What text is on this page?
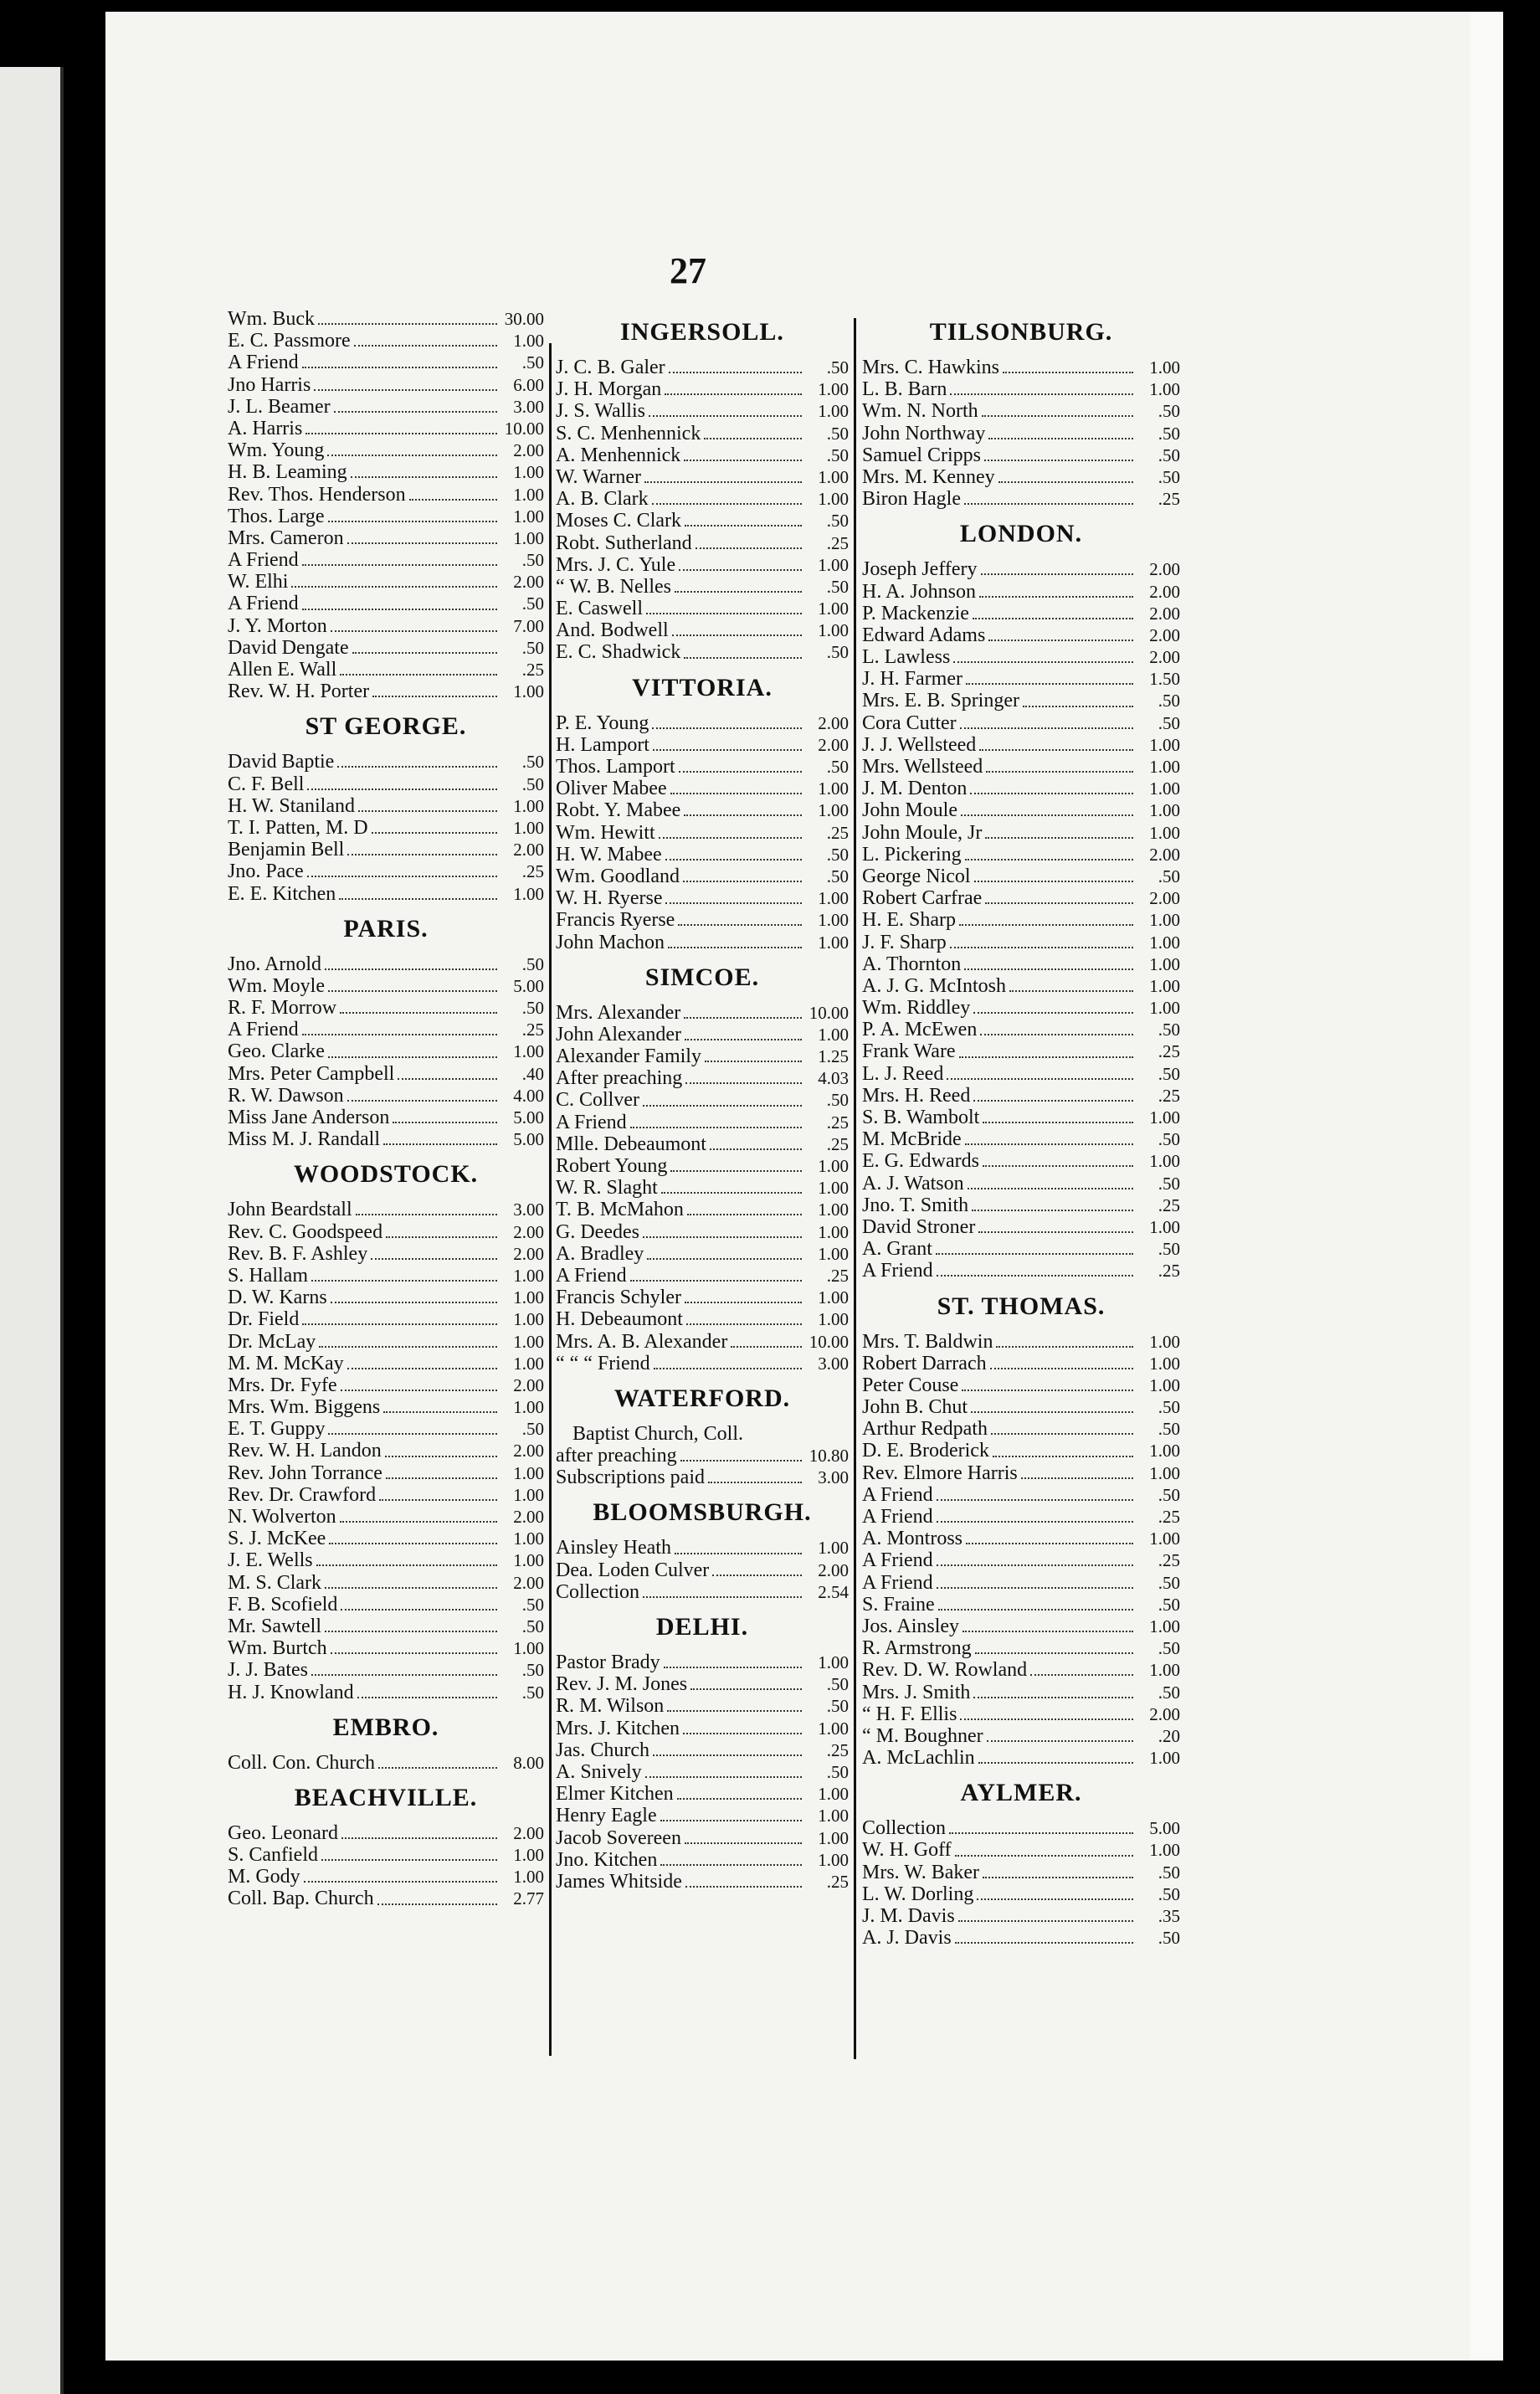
27
Wm. Buck	30.00
E. C. Passmore	1.00
A Friend	.50
Jno Harris	6.00
J. L. Beamer	3.00
A. Harris	10.00
Wm. Young	2.00
H. B. Leaming	1.00
Rev. Thos. Henderson	1.00
Thos. Large	1.00
Mrs. Cameron	1.00
A Friend	.50
W. Elhi	2.00
A Friend	.50
J. Y. Morton	7.00
David Dengate	.50
Allen E. Wall	.25
Rev. W. H. Porter	1.00
ST GEORGE.
David Baptie	.50
C. F. Bell	.50
H. W. Staniland	1.00
T. I. Patten, M. D	1.00
Benjamin Bell	2.00
Jno. Pace	.25
E. E. Kitchen	1.00
PARIS.
Jno. Arnold	.50
Wm. Moyle	5.00
R. F. Morrow	.50
A Friend	.25
Geo. Clarke	1.00
Mrs. Peter Campbell	.40
R. W. Dawson	4.00
Miss Jane Anderson	5.00
Miss M. J. Randall	5.00
WOODSTOCK.
John Beardstall	3.00
Rev. C. Goodspeed	2.00
Rev. B. F. Ashley	2.00
S. Hallam	1.00
D. W. Karns	1.00
Dr. Field	1.00
Dr. McLay	1.00
M. M. McKay	1.00
Mrs. Dr. Fyfe	2.00
Mrs. Wm. Biggens	1.00
E. T. Guppy	.50
Rev. W. H. Landon	2.00
Rev. John Torrance	1.00
Rev. Dr. Crawford	1.00
N. Wolverton	2.00
S. J. McKee	1.00
J. E. Wells	1.00
M. S. Clark	2.00
F. B. Scofield	.50
Mr. Sawtell	.50
Wm. Burtch	1.00
J. J. Bates	.50
H. J. Knowland	.50
EMBRO.
Coll. Con. Church	8.00
BEACHVILLE.
Geo. Leonard	2.00
S. Canfield	1.00
M. Gody	1.00
Coll. Bap. Church	2.77
INGERSOLL.
J. C. B. Galer	.50
J. H. Morgan	1.00
J. S. Wallis	1.00
S. C. Menhennick	.50
A. Menhennick	.50
W. Warner	1.00
A. B. Clark	1.00
Moses C. Clark	.50
Robt. Sutherland	.25
Mrs. J. C. Yule	1.00
“ W. B. Nelles	.50
E. Caswell	1.00
And. Bodwell	1.00
E. C. Shadwick	.50
VITTORIA.
P. E. Young	2.00
H. Lamport	2.00
Thos. Lamport	.50
Oliver Mabee	1.00
Robt. Y. Mabee	1.00
Wm. Hewitt	.25
H. W. Mabee	.50
Wm. Goodland	.50
W. H. Ryerse	1.00
Francis Ryerse	1.00
John Machon	1.00
SIMCOE.
Mrs. Alexander	10.00
John Alexander	1.00
Alexander Family	1.25
After preaching	4.03
C. Collver	.50
A Friend	.25
Mlle. Debeaumont	.25
Robert Young	1.00
W. R. Slaght	1.00
T. B. McMahon	1.00
G. Deedes	1.00
A. Bradley	1.00
A Friend	.25
Francis Schyler	1.00
H. Debeaumont	1.00
Mrs. A. B. Alexander	10.00
“ “ “ Friend	3.00
WATERFORD.
Baptist Church, Coll.
after preaching	10.80
Subscriptions paid	3.00
BLOOMSBURGH.
Ainsley Heath	1.00
Dea. Loden Culver	2.00
Collection	2.54
DELHI.
Pastor Brady	1.00
Rev. J. M. Jones	.50
R. M. Wilson	.50
Mrs. J. Kitchen	1.00
Jas. Church	.25
A. Snively	.50
Elmer Kitchen	1.00
Henry Eagle	1.00
Jacob Sovereen	1.00
Jno. Kitchen	1.00
James Whitside	.25
TILSONBURG.
Mrs. C. Hawkins	1.00
L. B. Barn	1.00
Wm. N. North	.50
John Northway	.50
Samuel Cripps	.50
Mrs. M. Kenney	.50
Biron Hagle	.25
LONDON.
Joseph Jeffery	2.00
H. A. Johnson	2.00
P. Mackenzie	2.00
Edward Adams	2.00
L. Lawless	2.00
J. H. Farmer	1.50
Mrs. E. B. Springer	.50
Cora Cutter	.50
J. J. Wellsteed	1.00
Mrs. Wellsteed	1.00
J. M. Denton	1.00
John Moule	1.00
John Moule, Jr	1.00
L. Pickering	2.00
George Nicol	.50
Robert Carfrae	2.00
H. E. Sharp	1.00
J. F. Sharp	1.00
A. Thornton	1.00
A. J. G. McIntosh	1.00
Wm. Riddley	1.00
P. A. McEwen	.50
Frank Ware	.25
L. J. Reed	.50
Mrs. H. Reed	.25
S. B. Wambolt	1.00
M. McBride	.50
E. G. Edwards	1.00
A. J. Watson	.50
Jno. T. Smith	.25
David Stroner	1.00
A. Grant	.50
A Friend	.25
ST. THOMAS.
Mrs. T. Baldwin	1.00
Robert Darrach	1.00
Peter Couse	1.00
John B. Chut	.50
Arthur Redpath	.50
D. E. Broderick	1.00
Rev. Elmore Harris	1.00
A Friend	.50
A Friend	.25
A. Montross	1.00
A Friend	.25
A Friend	.50
S. Fraine	.50
Jos. Ainsley	1.00
R. Armstrong	.50
Rev. D. W. Rowland	1.00
Mrs. J. Smith	.50
“ H. F. Ellis	2.00
“ M. Boughner	.20
A. McLachlin	1.00
AYLMER.
Collection	5.00
W. H. Goff	1.00
Mrs. W. Baker	.50
L. W. Dorling	.50
J. M. Davis	.35
A. J. Davis	.50
